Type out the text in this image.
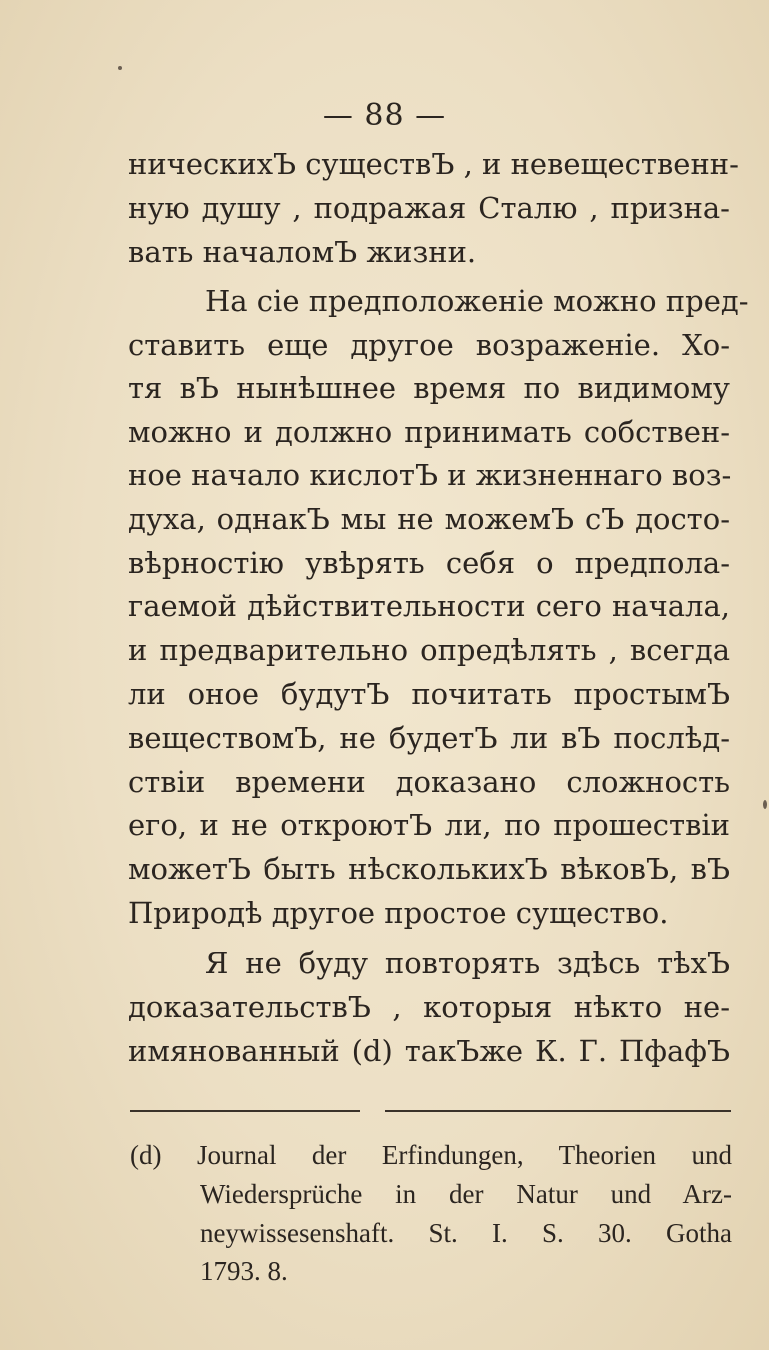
— 88 —
ническихЪ существЪ , и невещественн-
ную душу , подражая Сталю , призна-
вать началомЪ жизни.
На сiе предположенiе можно пред-
ставить еще другое возраженiе. Хо-
тя вЪ нынѣшнее время по видимому
можно и должно принимать собствен-
ное начало кислотЪ и жизненнаго воз-
духа, однакЪ мы не можемЪ сЪ досто-
вѣрностiю увѣрять себя о предпола-
гаемой дѣйствительности сего начала,
и предварительно опредѣлять , всегда
ли оное будутЪ почитать простымЪ
веществомЪ, не будетЪ ли вЪ послѣд-
ствiи времени доказано сложность
его, и не откроютЪ ли, по прошествiи
можетЪ быть нѣсколькихЪ вѣковЪ, вЪ
Природѣ другое простое существо.
Я не буду повторять здѣсь тѣхЪ
доказательствЪ , которыя нѣкто не-
имянованный (d) такЪже К. Г. ПфафЪ
(d) Journal der Erfindungen, Theorien und
Wiedersprüche in der Natur und Arz-
neywissesenshaft. St. I. S. 30. Gotha
1793. 8.
